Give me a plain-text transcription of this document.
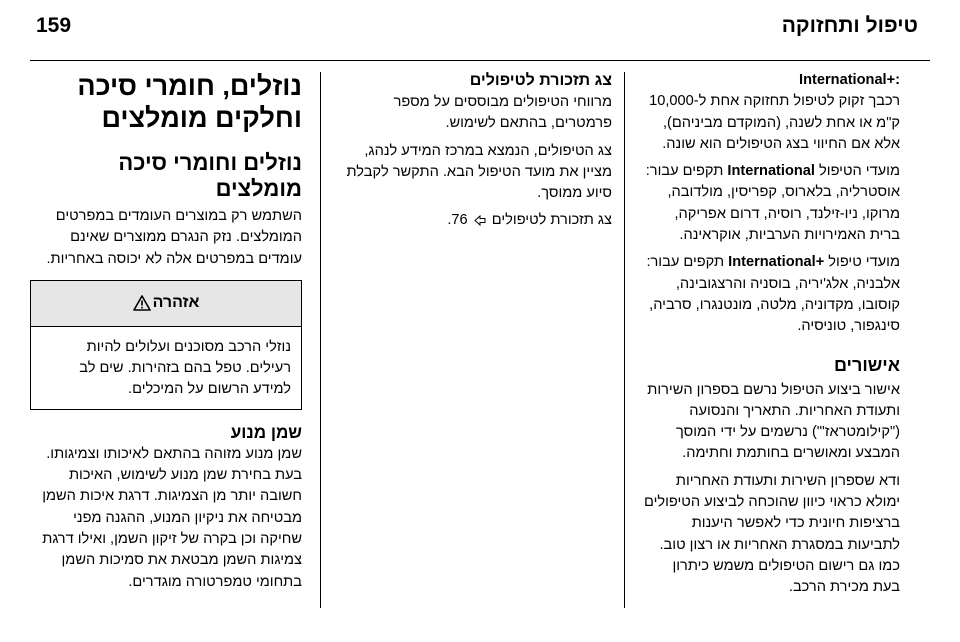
טיפול ותחזוקה
159
International+:

רכבך זקוק לטיפול תחזוקה אחת ל-10,000 ק"מ או אחת לשנה, (המוקדם מביניהם), אלא אם החיווי בצג הטיפולים הוא שונה.

מועדי הטיפול International תקפים עבור: אוסטרליה, בלארוס, קפריסין, מולדובה, מרוקו, ניו-זילנד, רוסיה, דרום אפריקה, ברית האמירויות הערביות, אוקראינה.

מועדי טיפול International+ תקפים עבור: אלבניה, אלג'יריה, בוסניה והרצגובינה, קוסובו, מקדוניה, מלטה, מונטנגרו, סרביה, סינגפור, טוניסיה.

אישורים

אישור ביצוע הטיפול נרשם בספרון השירות ותעודת האחריות. התאריך והנסועה ("קילומטראז'") נרשמים על ידי המוסך המבצע ומאושרים בחותמת וחתימה.

ודא שספרון השירות ותעודת האחריות ימולא כראוי כיוון שהוכחה לביצוע הטיפולים ברציפות חיונית כדי לאפשר היענות לתביעות במסגרת האחריות או רצון טוב. כמו גם רישום הטיפולים משמש כיתרון בעת מכירת הרכב.

צג תזכורת לטיפולים

מרווחי הטיפולים מבוססים על מספר פרמטרים, בהתאם לשימוש.

צג הטיפולים, הנמצא במרכז המידע לנהג, מציין את מועד הטיפול הבא. התקשר לקבלת סיוע ממוסך.

צג תזכורת לטיפולים  76.

נוזלים, חומרי סיכה וחלקים מומלצים
נוזלים וחומרי סיכה מומלצים

השתמש רק במוצרים העומדים במפרטים המומלצים. נזק הנגרם ממוצרים שאינם עומדים במפרטים אלה לא יכוסה באחריות.

אזהרה

נוזלי הרכב מסוכנים ועלולים להיות רעילים. טפל בהם בזהירות. שים לב למידע הרשום על המיכלים.

שמן מנוע

שמן מנוע מזוהה בהתאם לאיכותו וצמיגותו. בעת בחירת שמן מנוע לשימוש, האיכות חשובה יותר מן הצמיגות. דרגת איכות השמן מבטיחה את ניקיון המנוע, ההגנה מפני שחיקה וכן בקרה של זיקון השמן, ואילו דרגת צמיגות השמן מבטאת את סמיכות השמן בתחומי טמפרטורה מוגדרים.
